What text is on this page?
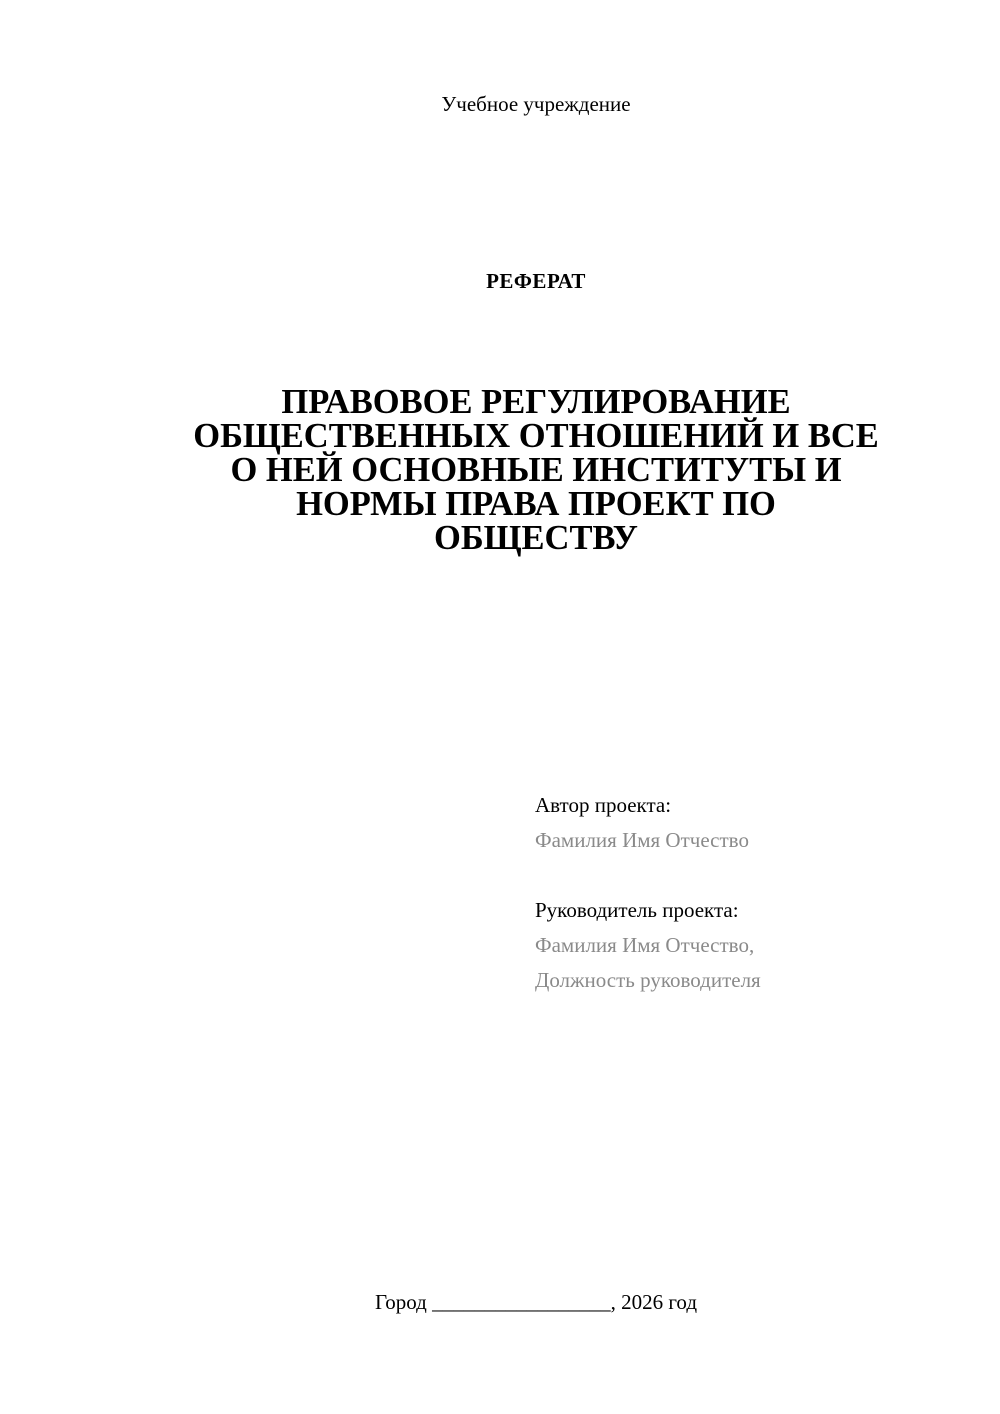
Учебное учреждение
РЕФЕРАТ
ПРАВОВОЕ РЕГУЛИРОВАНИЕ
ОБЩЕСТВЕННЫХ ОТНОШЕНИЙ И ВСЕ
О НЕЙ ОСНОВНЫЕ ИНСТИТУТЫ И
НОРМЫ ПРАВА ПРОЕКТ ПО
ОБЩЕСТВУ
Автор проекта:
Фамилия Имя Отчество
Руководитель проекта:
Фамилия Имя Отчество,
Должность руководителя
Город _________________, 2026 год
